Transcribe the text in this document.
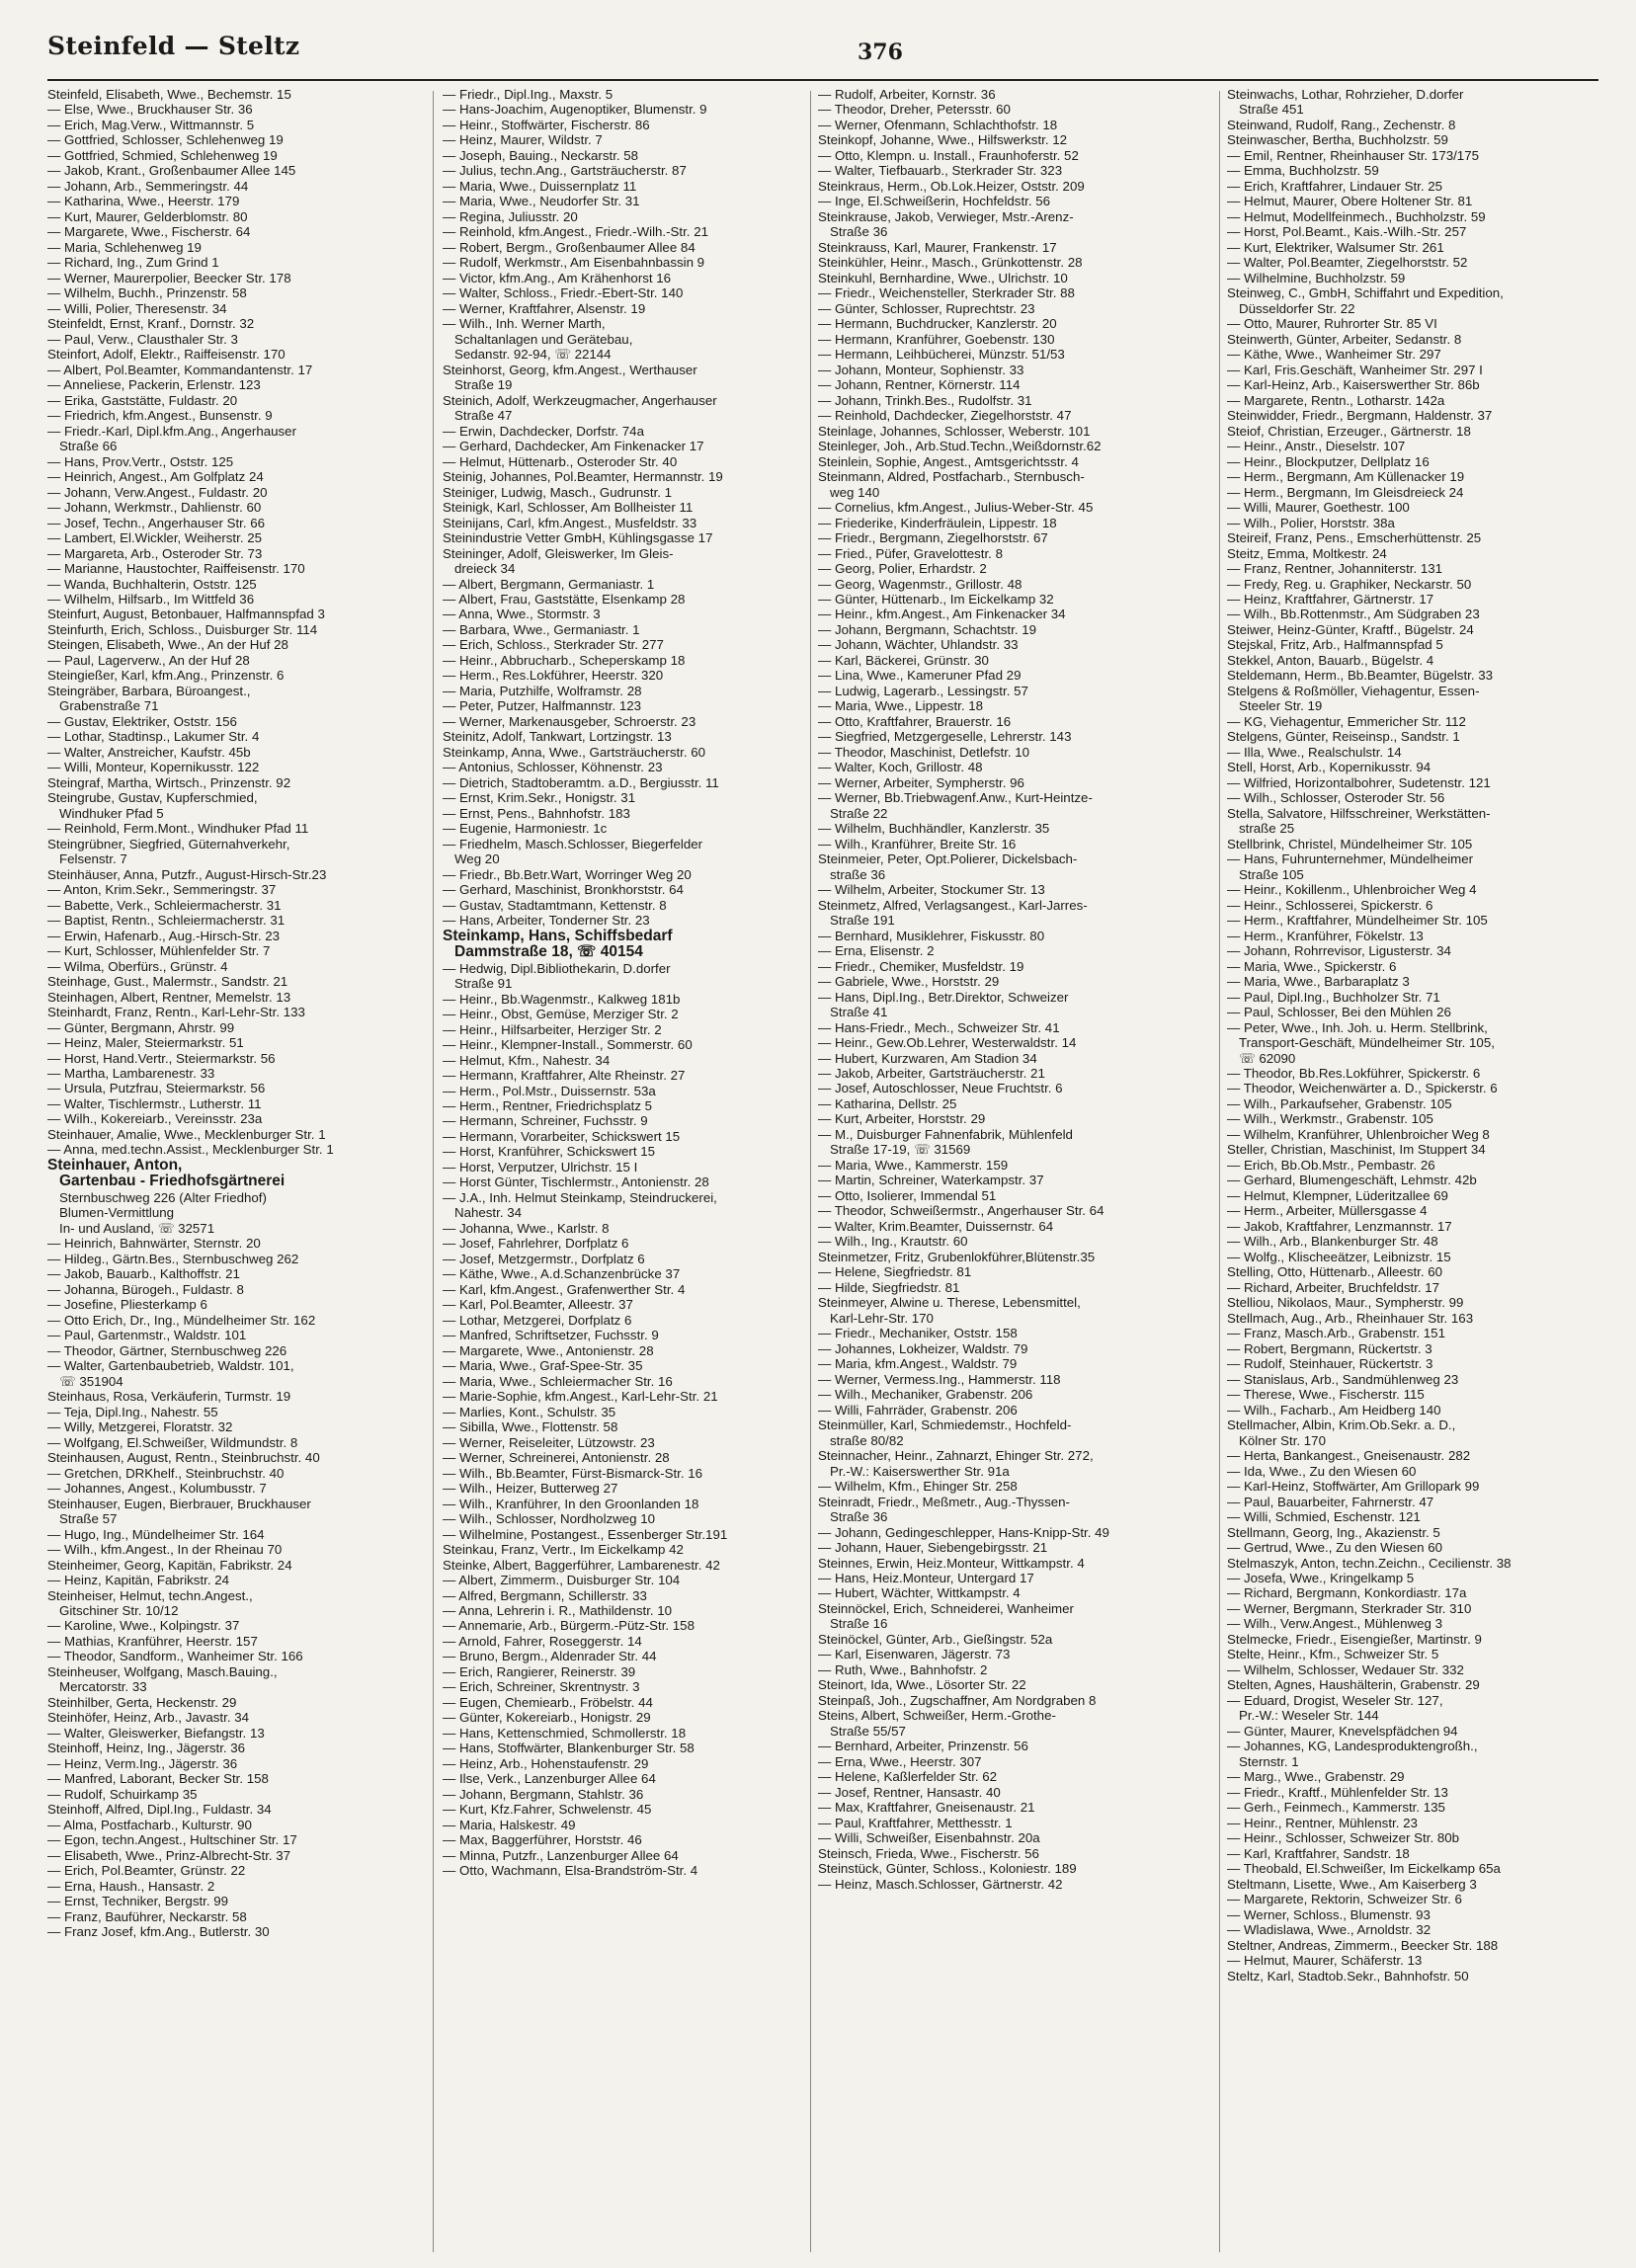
Steinfeld — Steltz	376
Steinfeld, Elisabeth, Wwe., Bechemstr. 15
— Else, Wwe., Bruckhauser Str. 36
— Erich, Mag.Verw., Wittmannstr. 5
— Gottfried, Schlosser, Schlehenweg 19
— Gottfried, Schmied, Schlehenweg 19
— Jakob, Krant., Großenbaumer Allee 145
— Johann, Arb., Semmeringstr. 44
— Katharina, Wwe., Heerstr. 179
— Kurt, Maurer, Gelderblomstr. 80
— Margarete, Wwe., Fischerstr. 64
— Maria, Schlehenweg 19
— Richard, Ing., Zum Grind 1
— Werner, Maurerpolier, Beecker Str. 178
— Wilhelm, Buchh., Prinzenstr. 58
— Willi, Polier, Theresenstr. 34
Steinfeldt, Ernst, Kranf., Dornstr. 32
— Paul, Verw., Clausthaler Str. 3
Steinfort, Adolf, Elektr., Raiffeisenstr. 170
— Albert, Pol.Beamter, Kommandantenstr. 17
— Anneliese, Packerin, Erlenstr. 123
— Erika, Gaststätte, Fuldastr. 20
— Friedrich, kfm.Angest., Bunsenstr. 9
— Friedr.-Karl, Dipl.kfm.Ang., Angerhauser
Straße 66
— Hans, Prov.Vertr., Oststr. 125
— Heinrich, Angest., Am Golfplatz 24
— Johann, Verw.Angest., Fuldastr. 20
— Johann, Werkmstr., Dahlienstr. 60
— Josef, Techn., Angerhauser Str. 66
— Lambert, El.Wickler, Weiherstr. 25
— Margareta, Arb., Osteroder Str. 73
— Marianne, Haustochter, Raiffeisenstr. 170
— Wanda, Buchhalterin, Oststr. 125
— Wilhelm, Hilfsarb., Im Wittfeld 36
Steinfurt, August, Betonbauer, Halfmannspfad 3
Steinfurth, Erich, Schloss., Duisburger Str. 114
Steingen, Elisabeth, Wwe., An der Huf 28
— Paul, Lagerverw., An der Huf 28
Steingießer, Karl, kfm.Ang., Prinzenstr. 6
Steingräber, Barbara, Büroangest.,
Grabenstraße 71
— Gustav, Elektriker, Oststr. 156
— Lothar, Stadtinsp., Lakumer Str. 4
— Walter, Anstreicher, Kaufstr. 45b
— Willi, Monteur, Kopernikusstr. 122
Steingraf, Martha, Wirtsch., Prinzenstr. 92
Steingrube, Gustav, Kupferschmied,
Windhuker Pfad 5
— Reinhold, Ferm.Mont., Windhuker Pfad 11
Steingrübner, Siegfried, Güternahverkehr,
Felsenstr. 7
Steinhäuser, Anna, Putzfr., August-Hirsch-Str.23
— Anton, Krim.Sekr., Semmeringstr. 37
— Babette, Verk., Schleiermacherstr. 31
— Baptist, Rentn., Schleiermacherstr. 31
— Erwin, Hafenarb., Aug.-Hirsch-Str. 23
— Kurt, Schlosser, Mühlenfelder Str. 7
— Wilma, Oberfürs., Grünstr. 4
Steinhage, Gust., Malermstr., Sandstr. 21
Steinhagen, Albert, Rentner, Memelstr. 13
Steinhardt, Franz, Rentn., Karl-Lehr-Str. 133
— Günter, Bergmann, Ahrstr. 99
— Heinz, Maler, Steiermarkstr. 51
— Horst, Hand.Vertr., Steiermarkstr. 56
— Martha, Lambarenestr. 33
— Ursula, Putzfrau, Steiermarkstr. 56
— Walter, Tischlermstr., Lutherstr. 11
— Wilh., Kokereiarb., Vereinsstr. 23a
Steinhauer, Amalie, Wwe., Mecklenburger Str. 1
— Anna, med.techn.Assist., Mecklenburger Str. 1
Steinhauer, Anton,
Gartenbau - Friedhofsgärtnerei
Sternbuschweg 226 (Alter Friedhof)
Blumen-Vermittlung
In- und Ausland, ☏ 32571
— Heinrich, Bahnwärter, Sternstr. 20
— Hildeg., Gärtn.Bes., Sternbuschweg 262
— Jakob, Bauarb., Kalthoffstr. 21
— Johanna, Bürogeh., Fuldastr. 8
— Josefine, Pliesterkamp 6
— Otto Erich, Dr., Ing., Mündelheimer Str. 162
— Paul, Gartenmstr., Waldstr. 101
— Theodor, Gärtner, Sternbuschweg 226
— Walter, Gartenbaubetrieb, Waldstr. 101,
☏ 351904
Steinhaus, Rosa, Verkäuferin, Turmstr. 19
— Teja, Dipl.Ing., Nahestr. 55
— Willy, Metzgerei, Floratstr. 32
— Wolfgang, El.Schweißer, Wildmundstr. 8
Steinhausen, August, Rentn., Steinbruchstr. 40
— Gretchen, DRKhelf., Steinbruchstr. 40
— Johannes, Angest., Kolumbusstr. 7
Steinhauser, Eugen, Bierbrauer, Bruckhauser
Straße 57
— Hugo, Ing., Mündelheimer Str. 164
— Wilh., kfm.Angest., In der Rheinau 70
Steinheimer, Georg, Kapitän, Fabrikstr. 24
— Heinz, Kapitän, Fabrikstr. 24
Steinheiser, Helmut, techn.Angest.,
Gitschiner Str. 10/12
— Karoline, Wwe., Kolpingstr. 37
— Mathias, Kranführer, Heerstr. 157
— Theodor, Sandform., Wanheimer Str. 166
Steinheuser, Wolfgang, Masch.Bauing.,
Mercatorstr. 33
Steinhilber, Gerta, Heckenstr. 29
Steinhöfer, Heinz, Arb., Javastr. 34
— Walter, Gleiswerker, Biefangstr. 13
Steinhoff, Heinz, Ing., Jägerstr. 36
— Heinz, Verm.Ing., Jägerstr. 36
— Manfred, Laborant, Becker Str. 158
— Rudolf, Schuirkamp 35
Steinhoff, Alfred, Dipl.Ing., Fuldastr. 34
— Alma, Postfacharb., Kulturstr. 90
— Egon, techn.Angest., Hultschiner Str. 17
— Elisabeth, Wwe., Prinz-Albrecht-Str. 37
— Erich, Pol.Beamter, Grünstr. 22
— Erna, Haush., Hansastr. 2
— Ernst, Techniker, Bergstr. 99
— Franz, Bauführer, Neckarstr. 58
— Franz Josef, kfm.Ang., Butlerstr. 30
— Friedr., Dipl.Ing., Maxstr. 5
— Hans-Joachim, Augenoptiker, Blumenstr. 9
— Heinr., Stoffwärter, Fischerstr. 86
— Heinz, Maurer, Wildstr. 7
— Joseph, Bauing., Neckarstr. 58
— Julius, techn.Ang., Gartsträucherstr. 87
— Maria, Wwe., Duissernplatz 11
— Maria, Wwe., Neudorfer Str. 31
— Regina, Juliusstr. 20
— Reinhold, kfm.Angest., Friedr.-Wilh.-Str. 21
— Robert, Bergm., Großenbaumer Allee 84
— Rudolf, Werkmstr., Am Eisenbahnbassin 9
— Victor, kfm.Ang., Am Krähenhorst 16
— Walter, Schloss., Friedr.-Ebert-Str. 140
— Werner, Kraftfahrer, Alsenstr. 19
— Wilh., Inh. Werner Marth,
Schaltanlagen und Gerätebau,
Sedanstr. 92-94, ☏ 22144
Steinhorst, Georg, kfm.Angest., Werthauser
Straße 19
Steinich, Adolf, Werkzeugmacher, Angerhauser
Straße 47
— Erwin, Dachdecker, Dorfstr. 74a
— Gerhard, Dachdecker, Am Finkenacker 17
— Helmut, Hüttenarb., Osteroder Str. 40
Steinig, Johannes, Pol.Beamter, Hermannstr. 19
Steiniger, Ludwig, Masch., Gudrunstr. 1
Steinigk, Karl, Schlosser, Am Bollheister 11
Steinijans, Carl, kfm.Angest., Musfeldstr. 33
Steinindustrie Vetter GmbH, Kühlingsgasse 17
Steininger, Adolf, Gleiswerker, Im Gleis-
dreieck 34
— Albert, Bergmann, Germaniastr. 1
— Albert, Frau, Gaststätte, Elsenkamp 28
— Anna, Wwe., Stormstr. 3
— Barbara, Wwe., Germaniastr. 1
— Erich, Schloss., Sterkrader Str. 277
— Heinr., Abbrucharb., Scheperskamp 18
— Herm., Res.Lokführer, Heerstr. 320
— Maria, Putzhilfe, Wolframstr. 28
— Peter, Putzer, Halfmannstr. 123
— Werner, Markenausgeber, Schroerstr. 23
Steinitz, Adolf, Tankwart, Lortzingstr. 13
Steinkamp, Anna, Wwe., Gartsträucherstr. 60
— Antonius, Schlosser, Köhnenstr. 23
— Dietrich, Stadtoberamtm. a.D., Bergiusstr. 11
— Ernst, Krim.Sekr., Honigstr. 31
— Ernst, Pens., Bahnhofstr. 183
— Eugenie, Harmoniestr. 1c
— Friedhelm, Masch.Schlosser, Biegerfelder
Weg 20
— Friedr., Bb.Betr.Wart, Worringer Weg 20
— Gerhard, Maschinist, Bronkhorststr. 64
— Gustav, Stadtamtmann, Kettenstr. 8
— Hans, Arbeiter, Tonderner Str. 23
Steinkamp, Hans, Schiffsbedarf
Dammstraße 18, ☏ 40154
— Hedwig, Dipl.Bibliothekarin, D.dorfer
Straße 91
— Heinr., Bb.Wagenmstr., Kalkweg 181b
— Heinr., Obst, Gemüse, Merziger Str. 2
— Heinr., Hilfsarbeiter, Herziger Str. 2
— Heinr., Klempner-Install., Sommerstr. 60
— Helmut, Kfm., Nahestr. 34
— Hermann, Kraftfahrer, Alte Rheinstr. 27
— Herm., Pol.Mstr., Duissernstr. 53a
— Herm., Rentner, Friedrichsplatz 5
— Hermann, Schreiner, Fuchsstr. 9
— Hermann, Vorarbeiter, Schickswert 15
— Horst, Kranführer, Schickswert 15
— Horst, Verputzer, Ulrichstr. 15 I
— Horst Günter, Tischlermstr., Antonienstr. 28
— J.A., Inh. Helmut Steinkamp, Steindruckerei,
Nahestr. 34
— Johanna, Wwe., Karlstr. 8
— Josef, Fahrlehrer, Dorfplatz 6
— Josef, Metzgermstr., Dorfplatz 6
— Käthe, Wwe., A.d.Schanzenbrücke 37
— Karl, kfm.Angest., Grafenwerther Str. 4
— Karl, Pol.Beamter, Alleestr. 37
— Lothar, Metzgerei, Dorfplatz 6
— Manfred, Schriftsetzer, Fuchsstr. 9
— Margarete, Wwe., Antonienstr. 28
— Maria, Wwe., Graf-Spee-Str. 35
— Maria, Wwe., Schleiermacher Str. 16
— Marie-Sophie, kfm.Angest., Karl-Lehr-Str. 21
— Marlies, Kont., Schulstr. 35
— Sibilla, Wwe., Flottenstr. 58
— Werner, Reiseleiter, Lützowstr. 23
— Werner, Schreinerei, Antonienstr. 28
— Wilh., Bb.Beamter, Fürst-Bismarck-Str. 16
— Wilh., Heizer, Butterweg 27
— Wilh., Kranführer, In den Groonlanden 18
— Wilh., Schlosser, Nordholzweg 10
— Wilhelmine, Postangest., Essenberger Str.191
Steinkau, Franz, Vertr., Im Eickelkamp 42
Steinke, Albert, Baggerführer, Lambarenestr. 42
— Albert, Zimmerm., Duisburger Str. 104
— Alfred, Bergmann, Schillerstr. 33
— Anna, Lehrerin i. R., Mathildenstr. 10
— Annemarie, Arb., Bürgerm.-Pütz-Str. 158
— Arnold, Fahrer, Roseggerstr. 14
— Bruno, Bergm., Aldenrader Str. 44
— Erich, Rangierer, Reinerstr. 39
— Erich, Schreiner, Skrentnystr. 3
— Eugen, Chemiearb., Fröbelstr. 44
— Günter, Kokereiarb., Honigstr. 29
— Hans, Kettenschmied, Schmollerstr. 18
— Hans, Stoffwärter, Blankenburger Str. 58
— Heinz, Arb., Hohenstaufenstr. 29
— Ilse, Verk., Lanzenburger Allee 64
— Johann, Bergmann, Stahlstr. 36
— Kurt, Kfz.Fahrer, Schwelenstr. 45
— Maria, Halskestr. 49
— Max, Baggerführer, Horststr. 46
— Minna, Putzfr., Lanzenburger Allee 64
— Otto, Wachmann, Elsa-Brandström-Str. 4
— Rudolf, Arbeiter, Kornstr. 36
— Theodor, Dreher, Petersstr. 60
— Werner, Ofenmann, Schlachthofstr. 18
Steinkopf, Johanne, Wwe., Hilfswerkstr. 12
— Otto, Klempn. u. Install., Fraunhoferstr. 52
— Walter, Tiefbauarb., Sterkrader Str. 323
Steinkraus, Herm., Ob.Lok.Heizer, Oststr. 209
— Inge, El.Schweißerin, Hochfeldstr. 56
Steinkrause, Jakob, Verwieger, Mstr.-Arenz-
Straße 36
Steinkrauss, Karl, Maurer, Frankenstr. 17
Steinkühler, Heinr., Masch., Grünkottenstr. 28
Steinkuhl, Bernhardine, Wwe., Ulrichstr. 10
— Friedr., Weichensteller, Sterkrader Str. 88
— Günter, Schlosser, Ruprechtstr. 23
— Hermann, Buchdrucker, Kanzlerstr. 20
— Hermann, Kranführer, Goebenstr. 130
— Hermann, Leihbücherei, Münzstr. 51/53
— Johann, Monteur, Sophienstr. 33
— Johann, Rentner, Körnerstr. 114
— Johann, Trinkh.Bes., Rudolfstr. 31
— Reinhold, Dachdecker, Ziegelhorststr. 47
Steinlage, Johannes, Schlosser, Weberstr. 101
Steinleger, Joh., Arb.Stud.Techn.,Weißdornstr.62
Steinlein, Sophie, Angest., Amtsgerichtsstr. 4
Steinmann, Aldred, Postfacharb., Sternbusch-
weg 140
— Cornelius, kfm.Angest., Julius-Weber-Str. 45
— Friederike, Kinderfräulein, Lippestr. 18
— Friedr., Bergmann, Ziegelhorststr. 67
— Fried., Püfer, Gravelottestr. 8
— Georg, Polier, Erhardstr. 2
— Georg, Wagenmstr., Grillostr. 48
— Günter, Hüttenarb., Im Eickelkamp 32
— Heinr., kfm.Angest., Am Finkenacker 34
— Johann, Bergmann, Schachtstr. 19
— Johann, Wächter, Uhlandstr. 33
— Karl, Bäckerei, Grünstr. 30
— Lina, Wwe., Kameruner Pfad 29
— Ludwig, Lagerarb., Lessingstr. 57
— Maria, Wwe., Lippestr. 18
— Otto, Kraftfahrer, Brauerstr. 16
— Siegfried, Metzgergeselle, Lehrerstr. 143
— Theodor, Maschinist, Detlefstr. 10
— Walter, Koch, Grillostr. 48
— Werner, Arbeiter, Sympherstr. 96
— Werner, Bb.Triebwagenf.Anw., Kurt-Heintze-
Straße 22
— Wilhelm, Buchhändler, Kanzlerstr. 35
— Wilh., Kranführer, Breite Str. 16
Steinmeier, Peter, Opt.Polierer, Dickelsbach-
straße 36
— Wilhelm, Arbeiter, Stockumer Str. 13
Steinmetz, Alfred, Verlagsangest., Karl-Jarres-
Straße 191
— Bernhard, Musiklehrer, Fiskusstr. 80
— Erna, Elisenstr. 2
— Friedr., Chemiker, Musfeldstr. 19
— Gabriele, Wwe., Horststr. 29
— Hans, Dipl.Ing., Betr.Direktor, Schweizer
Straße 41
— Hans-Friedr., Mech., Schweizer Str. 41
— Heinr., Gew.Ob.Lehrer, Westerwaldstr. 14
— Hubert, Kurzwaren, Am Stadion 34
— Jakob, Arbeiter, Gartsträucherstr. 21
— Josef, Autoschlosser, Neue Fruchtstr. 6
— Katharina, Dellstr. 25
— Kurt, Arbeiter, Horststr. 29
— M., Duisburger Fahnenfabrik, Mühlenfeld
Straße 17-19, ☏ 31569
— Maria, Wwe., Kammerstr. 159
— Martin, Schreiner, Waterkampstr. 37
— Otto, Isolierer, Immendal 51
— Theodor, Schweißermstr., Angerhauser Str. 64
— Walter, Krim.Beamter, Duissernstr. 64
— Wilh., Ing., Krautstr. 60
Steinmetzer, Fritz, Grubenlokführer,Blütenstr.35
— Helene, Siegfriedstr. 81
— Hilde, Siegfriedstr. 81
Steinmeyer, Alwine u. Therese, Lebensmittel,
Karl-Lehr-Str. 170
— Friedr., Mechaniker, Oststr. 158
— Johannes, Lokheizer, Waldstr. 79
— Maria, kfm.Angest., Waldstr. 79
— Werner, Vermess.Ing., Hammerstr. 118
— Wilh., Mechaniker, Grabenstr. 206
— Willi, Fahrräder, Grabenstr. 206
Steinmüller, Karl, Schmiedemstr., Hochfeld-
straße 80/82
Steinnacher, Heinr., Zahnarzt, Ehinger Str. 272,
Pr.-W.: Kaiserswerther Str. 91a
— Wilhelm, Kfm., Ehinger Str. 258
Steinradt, Friedr., Meßmetr., Aug.-Thyssen-
Straße 36
— Johann, Gedingeschlepper, Hans-Knipp-Str. 49
— Johann, Hauer, Siebengebirgsstr. 21
Steinnes, Erwin, Heiz.Monteur, Wittkampstr. 4
— Hans, Heiz.Monteur, Untergard 17
— Hubert, Wächter, Wittkampstr. 4
Steinnöckel, Erich, Schneiderei, Wanheimer
Straße 16
Steinöckel, Günter, Arb., Gießingstr. 52a
— Karl, Eisenwaren, Jägerstr. 73
— Ruth, Wwe., Bahnhofstr. 2
Steinort, Ida, Wwe., Lösorter Str. 22
Steinpaß, Joh., Zugschaffner, Am Nordgraben 8
Steins, Albert, Schweißer, Herm.-Grothe-
Straße 55/57
— Bernhard, Arbeiter, Prinzenstr. 56
— Erna, Wwe., Heerstr. 307
— Helene, Kaßlerfelder Str. 62
— Josef, Rentner, Hansastr. 40
— Max, Kraftfahrer, Gneisenaustr. 21
— Paul, Kraftfahrer, Metthesstr. 1
— Willi, Schweißer, Eisenbahnstr. 20a
Steinsch, Frieda, Wwe., Fischerstr. 56
Steinstück, Günter, Schloss., Koloniestr. 189
— Heinz, Masch.Schlosser, Gärtnerstr. 42
Steinwachs, Lothar, Rohrzieher, D.dorfer
Straße 451
Steinwand, Rudolf, Rang., Zechenstr. 8
Steinwascher, Bertha, Buchholzstr. 59
— Emil, Rentner, Rheinhauser Str. 173/175
— Emma, Buchholzstr. 59
— Erich, Kraftfahrer, Lindauer Str. 25
— Helmut, Maurer, Obere Holtener Str. 81
— Helmut, Modellfeinmech., Buchholzstr. 59
— Horst, Pol.Beamt., Kais.-Wilh.-Str. 257
— Kurt, Elektriker, Walsumer Str. 261
— Walter, Pol.Beamter, Ziegelhorststr. 52
— Wilhelmine, Buchholzstr. 59
Steinweg, C., GmbH, Schiffahrt und Expedition,
Düsseldorfer Str. 22
— Otto, Maurer, Ruhrorter Str. 85 VI
Steinwerth, Günter, Arbeiter, Sedanstr. 8
— Käthe, Wwe., Wanheimer Str. 297
— Karl, Fris.Geschäft, Wanheimer Str. 297 I
— Karl-Heinz, Arb., Kaiserswerther Str. 86b
— Margarete, Rentn., Lotharstr. 142a
Steinwidder, Friedr., Bergmann, Haldenstr. 37
Steiof, Christian, Erzeuger., Gärtnerstr. 18
— Heinr., Anstr., Dieselstr. 107
— Heinr., Blockputzer, Dellplatz 16
— Herm., Bergmann, Am Küllenacker 19
— Herm., Bergmann, Im Gleisdreieck 24
— Willi, Maurer, Goethestr. 100
— Wilh., Polier, Horststr. 38a
Steireif, Franz, Pens., Emscherhüttenstr. 25
Steitz, Emma, Moltkestr. 24
— Franz, Rentner, Johanniterstr. 131
— Fredy, Reg. u. Graphiker, Neckarstr. 50
— Heinz, Kraftfahrer, Gärtnerstr. 17
— Wilh., Bb.Rottenmstr., Am Südgraben 23
Steiwer, Heinz-Günter, Kraftf., Bügelstr. 24
Stejskal, Fritz, Arb., Halfmannspfad 5
Stekkel, Anton, Bauarb., Bügelstr. 4
Steldemann, Herm., Bb.Beamter, Bügelstr. 33
Stelgens & Roßmöller, Viehagentur, Essen-
Steeler Str. 19
— KG, Viehagentur, Emmericher Str. 112
Stelgens, Günter, Reiseinsp., Sandstr. 1
— Illa, Wwe., Realschulstr. 14
Stell, Horst, Arb., Kopernikusstr. 94
— Wilfried, Horizontalbohrer, Sudetenstr. 121
— Wilh., Schlosser, Osteroder Str. 56
Stella, Salvatore, Hilfsschreiner, Werkstätten-
straße 25
Stellbrink, Christel, Mündelheimer Str. 105
— Hans, Fuhrunternehmer, Mündelheimer
Straße 105
— Heinr., Kokillenm., Uhlenbroicher Weg 4
— Heinr., Schlosserei, Spickerstr. 6
— Herm., Kraftfahrer, Mündelheimer Str. 105
— Herm., Kranführer, Fökelstr. 13
— Johann, Rohrrevisor, Ligusterstr. 34
— Maria, Wwe., Spickerstr. 6
— Maria, Wwe., Barbaraplatz 3
— Paul, Dipl.Ing., Buchholzer Str. 71
— Paul, Schlosser, Bei den Mühlen 26
— Peter, Wwe., Inh. Joh. u. Herm. Stellbrink,
Transport-Geschäft, Mündelheimer Str. 105,
☏ 62090
— Theodor, Bb.Res.Lokführer, Spickerstr. 6
— Theodor, Weichenwärter a. D., Spickerstr. 6
— Wilh., Parkaufseher, Grabenstr. 105
— Wilh., Werkmstr., Grabenstr. 105
— Wilhelm, Kranführer, Uhlenbroicher Weg 8
Steller, Christian, Maschinist, Im Stuppert 34
— Erich, Bb.Ob.Mstr., Pembastr. 26
— Gerhard, Blumengeschäft, Lehmstr. 42b
— Helmut, Klempner, Lüderitzallee 69
— Herm., Arbeiter, Müllersgasse 4
— Jakob, Kraftfahrer, Lenzmannstr. 17
— Wilh., Arb., Blankenburger Str. 48
— Wolfg., Klischeeätzer, Leibnizstr. 15
Stelling, Otto, Hüttenarb., Alleestr. 60
— Richard, Arbeiter, Bruchfeldstr. 17
Stelliou, Nikolaos, Maur., Sympherstr. 99
Stellmach, Aug., Arb., Rheinhauer Str. 163
— Franz, Masch.Arb., Grabenstr. 151
— Robert, Bergmann, Rückertstr. 3
— Rudolf, Steinhauer, Rückertstr. 3
— Stanislaus, Arb., Sandmühlenweg 23
— Therese, Wwe., Fischerstr. 115
— Wilh., Facharb., Am Heidberg 140
Stellmacher, Albin, Krim.Ob.Sekr. a. D.,
Kölner Str. 170
— Herta, Bankangest., Gneisenaustr. 282
— Ida, Wwe., Zu den Wiesen 60
— Karl-Heinz, Stoffwärter, Am Grillopark 99
— Paul, Bauarbeiter, Fahrnerstr. 47
— Willi, Schmied, Eschenstr. 121
Stellmann, Georg, Ing., Akazienstr. 5
— Gertrud, Wwe., Zu den Wiesen 60
Stelmaszyk, Anton, techn.Zeichn., Cecilienstr. 38
— Josefa, Wwe., Kringelkamp 5
— Richard, Bergmann, Konkordiastr. 17a
— Werner, Bergmann, Sterkrader Str. 310
— Wilh., Verw.Angest., Mühlenweg 3
Stelmecke, Friedr., Eisengießer, Martinstr. 9
Stelte, Heinr., Kfm., Schweizer Str. 5
— Wilhelm, Schlosser, Wedauer Str. 332
Stelten, Agnes, Haushälterin, Grabenstr. 29
— Eduard, Drogist, Weseler Str. 127,
Pr.-W.: Weseler Str. 144
— Günter, Maurer, Knevelspfädchen 94
— Johannes, KG, Landesproduktengroßh.,
Sternstr. 1
— Marg., Wwe., Grabenstr. 29
— Friedr., Kraftf., Mühlenfelder Str. 13
— Gerh., Feinmech., Kammerstr. 135
— Heinr., Rentner, Mühlenstr. 23
— Heinr., Schlosser, Schweizer Str. 80b
— Karl, Kraftfahrer, Sandstr. 18
— Theobald, El.Schweißer, Im Eickelkamp 65a
Steltmann, Lisette, Wwe., Am Kaiserberg 3
— Margarete, Rektorin, Schweizer Str. 6
— Werner, Schloss., Blumenstr. 93
— Wladislawa, Wwe., Arnoldstr. 32
Steltner, Andreas, Zimmerm., Beecker Str. 188
— Helmut, Maurer, Schäferstr. 13
Steltz, Karl, Stadtob.Sekr., Bahnhofstr. 50
